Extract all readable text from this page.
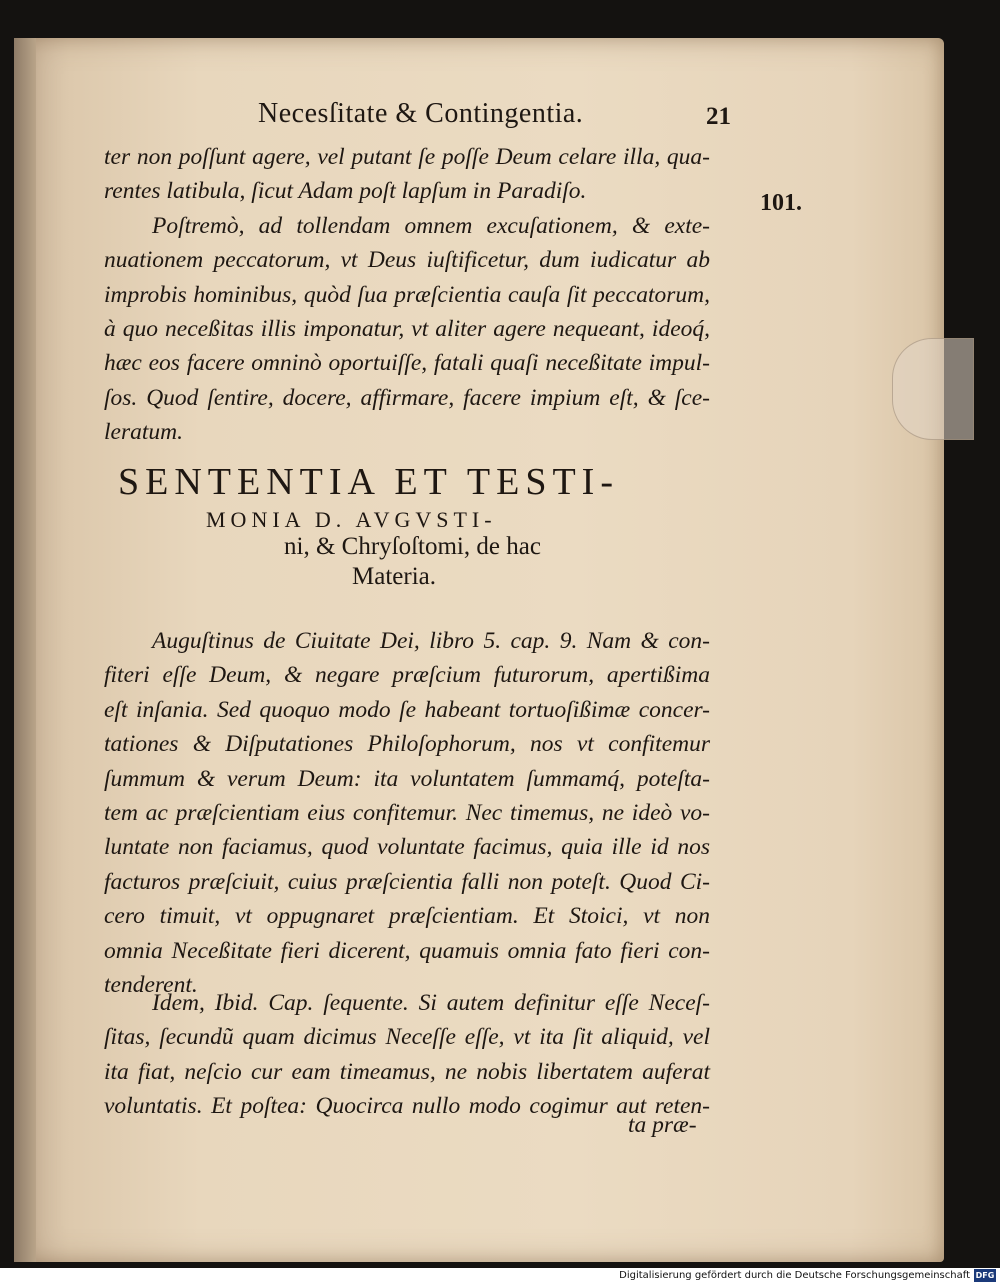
Necesſitate & Contingentia.	21
101.
ter non poſſunt agere, vel putant ſe poſſe Deum celare illa, qua-
rentes latibula, ſicut Adam poſt lapſum in Paradiſo.
Poſtremò, ad tollendam omnem excuſationem, & exte-
nuationem peccatorum, vt Deus iuſtificetur, dum iudicatur ab
improbis hominibus, quòd ſua præſcientia cauſa ſit peccatorum,
à quo neceßitas illis imponatur, vt aliter agere nequeant, ideoq́,
hæc eos facere omninò oportuiſſe, fatali quaſi neceßitate impul-
ſos. Quod ſentire, docere, affirmare, facere impium eſt, & ſce-
leratum.
SENTENTIA ET TESTI-
MONIA D. AVGVSTI-
ni, & Chryſoſtomi, de hac
Materia.
Auguſtinus de Ciuitate Dei, libro 5. cap. 9. Nam & con-
fiteri eſſe Deum, & negare præſcium futurorum, apertißima
eſt inſania. Sed quoquo modo ſe habeant tortuoſißimæ concer-
tationes & Diſputationes Philoſophorum, nos vt confitemur
ſummum & verum Deum: ita voluntatem ſummamq́, poteſta-
tem ac præſcientiam eius confitemur. Nec timemus, ne ideò vo-
luntate non faciamus, quod voluntate facimus, quia ille id nos
facturos præſciuit, cuius præſcientia falli non poteſt. Quod Ci-
cero timuit, vt oppugnaret præſcientiam. Et Stoici, vt non
omnia Neceßitate fieri dicerent, quamuis omnia fato fieri con-
tenderent.
Idem, Ibid. Cap. ſequente. Si autem definitur eſſe Neceſ-
ſitas, ſecundũ quam dicimus Neceſſe eſſe, vt ita ſit aliquid, vel
ita fiat, neſcio cur eam timeamus, ne nobis libertatem auferat
voluntatis. Et poſtea: Quocirca nullo modo cogimur aut reten-
ta præ-
Digitalisierung gefördert durch die Deutsche Forschungsgemeinschaft DFG
